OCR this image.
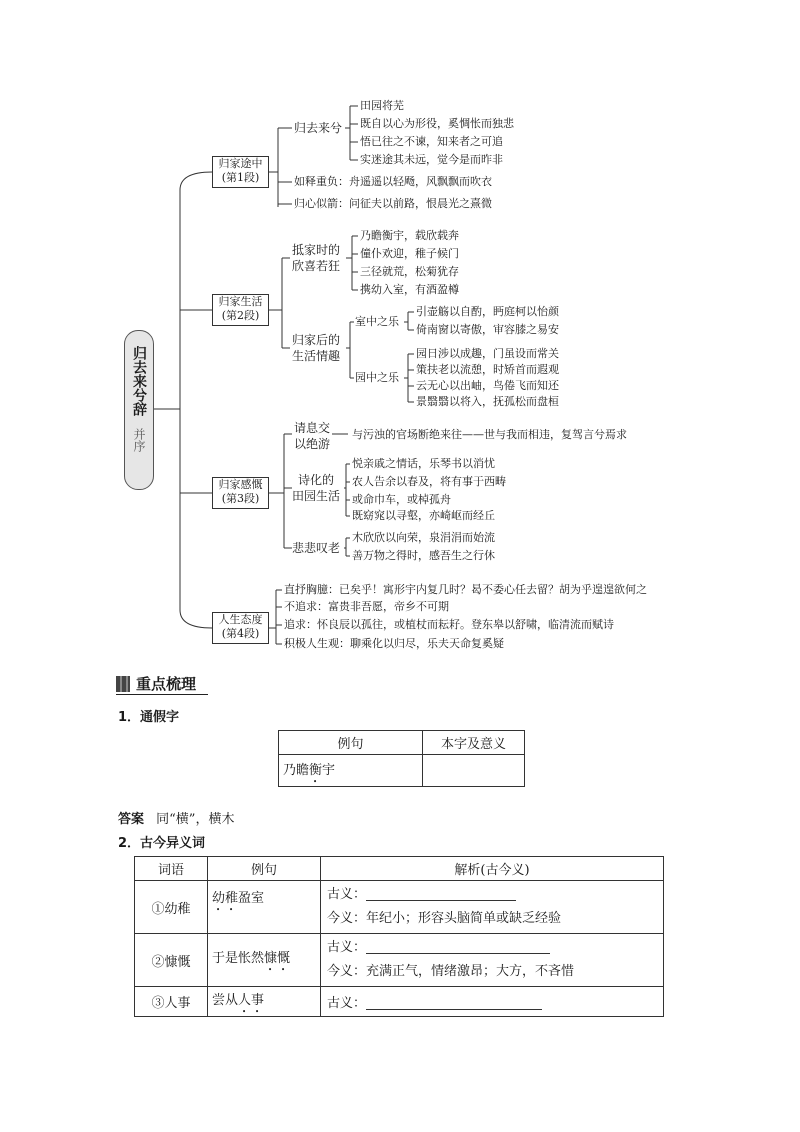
归去来兮辞
并序
归家途中
(第1段)
归家生活
(第2段)
归家感慨
(第3段)
人生态度
(第4段)
归去来兮
田园将芜
既自以心为形役，奚惆怅而独悲
悟已往之不谏，知来者之可追
实迷途其未远，觉今是而昨非
如释重负：舟遥遥以轻飏，风飘飘而吹衣
归心似箭：问征夫以前路，恨晨光之熹微
抵家时的
欣喜若狂
乃瞻衡宇，载欣载奔
僮仆欢迎，稚子候门
三径就荒，松菊犹存
携幼入室，有酒盈樽
归家后的
生活情趣
室中之乐
引壶觞以自酌，眄庭柯以怡颜
倚南窗以寄傲，审容膝之易安
园中之乐
园日涉以成趣，门虽设而常关
策扶老以流憩，时矫首而遐观
云无心以出岫，鸟倦飞而知还
景翳翳以将入，抚孤松而盘桓
请息交
以绝游
与污浊的官场断绝来往——世与我而相违，复驾言兮焉求
诗化的
田园生活
悦亲戚之情话，乐琴书以消忧
农人告余以春及，将有事于西畴
或命巾车，或棹孤舟
既窈窕以寻壑，亦崎岖而经丘
悲悲叹老
木欣欣以向荣，泉涓涓而始流
善万物之得时，感吾生之行休
直抒胸臆：已矣乎！寓形宇内复几时？曷不委心任去留？胡为乎遑遑欲何之
不追求：富贵非吾愿，帝乡不可期
追求：怀良辰以孤往，或植杖而耘耔。登东皋以舒啸，临清流而赋诗
积极人生观：聊乘化以归尽，乐夫天命复奚疑
重点梳理
1．通假字
例句	本字及意义
乃瞻衡宇	
答案 同“横”，横木
2．古今异义词
词语	例句	解析(古今义)
①幼稚	幼稚盈室	古义：
今义：年纪小；形容头脑简单或缺乏经验

②慷慨	于是怅然慷慨	古义：
今义：充满正气，情绪激昂；大方，不吝惜

③人事	尝从人事	古义：
